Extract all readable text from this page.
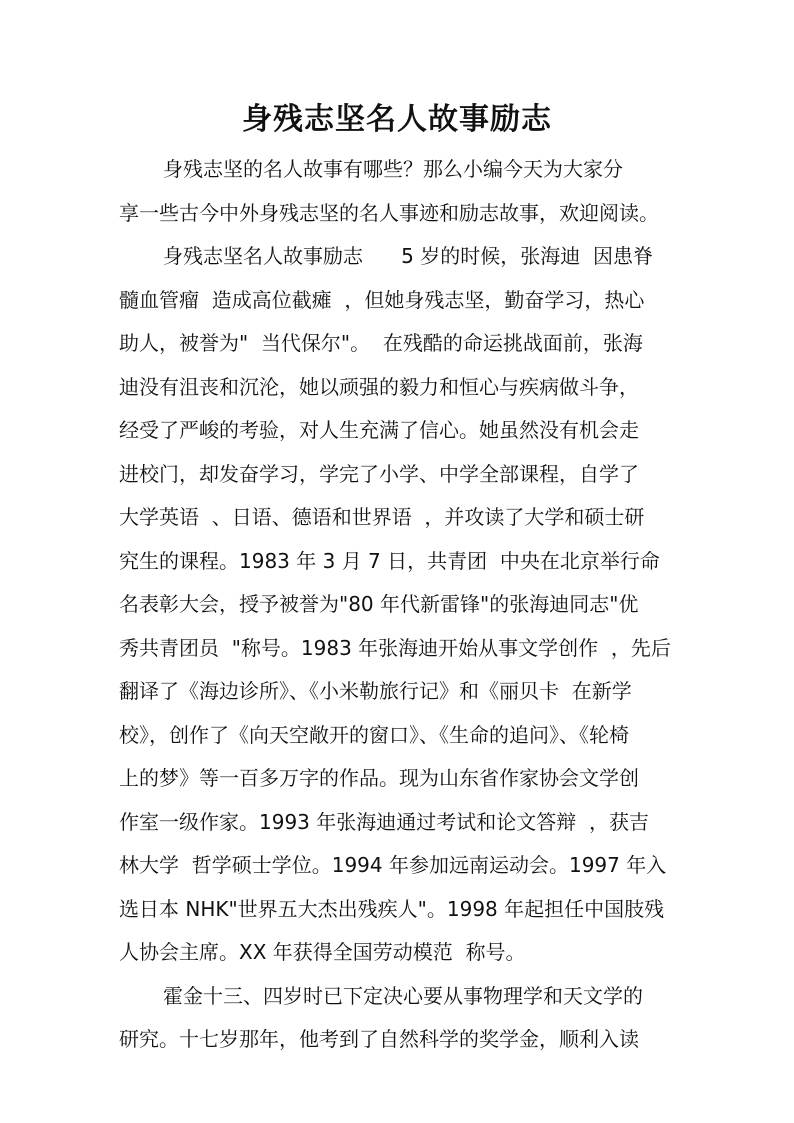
身残志坚名人故事励志

身残志坚的名人故事有哪些？那么小编今天为大家分

享一些古今中外身残志坚的名人事迹和励志故事，欢迎阅读。

身残志坚名人故事励志      5 岁的时候，张海迪  因患脊

髓血管瘤  造成高位截瘫  ，但她身残志坚，勤奋学习，热心

助人，被誉为"  当代保尔"。  在残酷的命运挑战面前，张海

迪没有沮丧和沉沦，她以顽强的毅力和恒心与疾病做斗争，

经受了严峻的考验，对人生充满了信心。她虽然没有机会走

进校门，却发奋学习，学完了小学、中学全部课程，自学了

大学英语  、日语、德语和世界语  ，并攻读了大学和硕士研

究生的课程。1983 年 3 月 7 日，共青团  中央在北京举行命

名表彰大会，授予被誉为"80 年代新雷锋"的张海迪同志"优

秀共青团员  "称号。1983 年张海迪开始从事文学创作  ，先后

翻译了《海边诊所》、《小米勒旅行记》和《丽贝卡  在新学

校》，创作了《向天空敞开的窗口》、《生命的追问》、《轮椅

上的梦》等一百多万字的作品。现为山东省作家协会文学创

作室一级作家。1993 年张海迪通过考试和论文答辩  ，获吉

林大学  哲学硕士学位。1994 年参加远南运动会。1997 年入

选日本 NHK"世界五大杰出残疾人"。1998 年起担任中国肢残

人协会主席。XX 年获得全国劳动模范  称号。

霍金十三、四岁时已下定决心要从事物理学和天文学的

研究。十七岁那年，他考到了自然科学的奖学金，顺利入读
